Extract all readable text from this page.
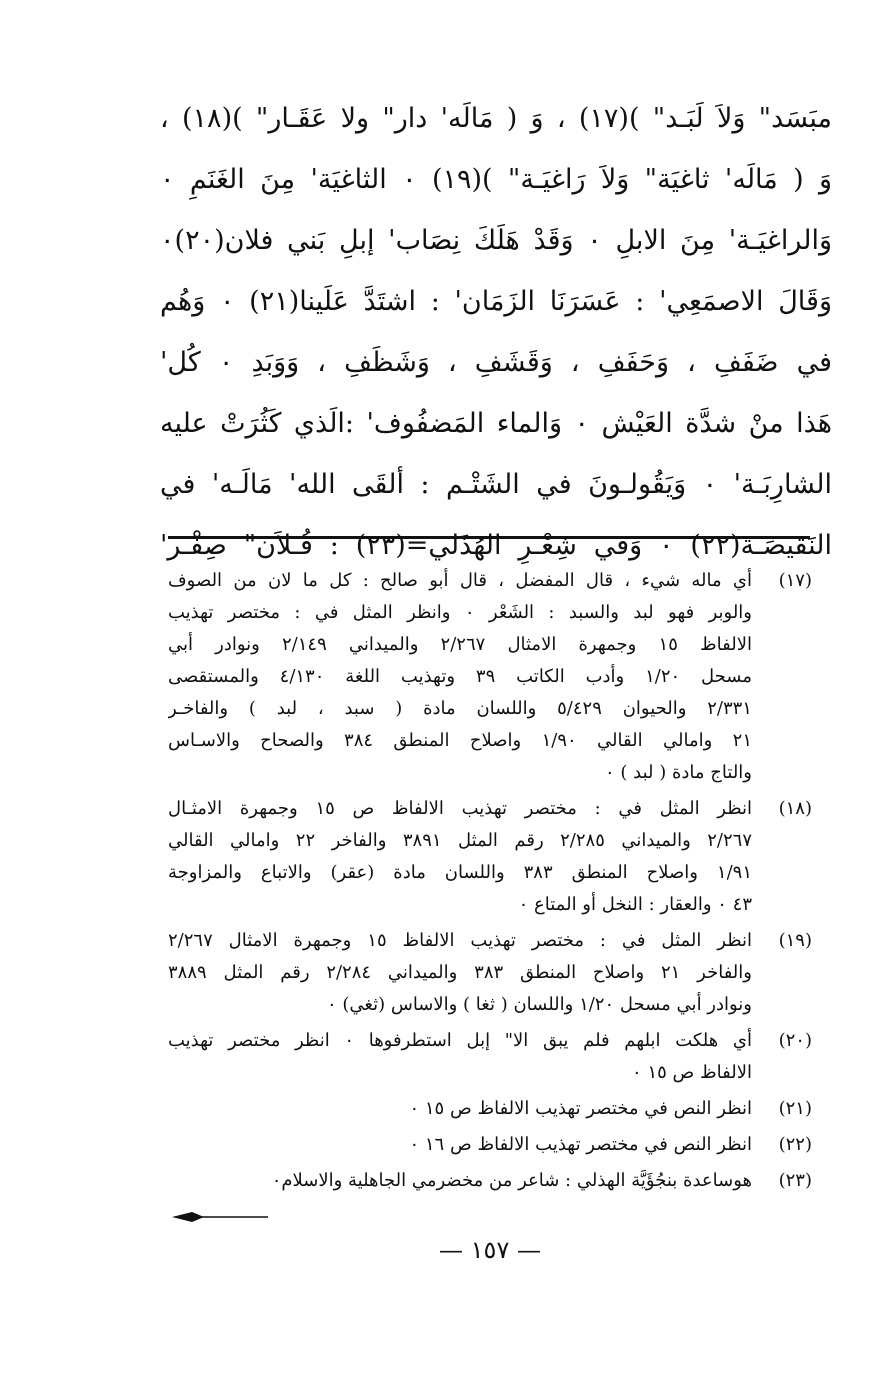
مبَسَد" وَلاَ لَبَـد" )(١٧) ، وَ ( مَالَه' دار" ولا عَقَـار" )(١٨) ،
وَ ( مَالَه' ثاغيَة" وَلاَ رَاغيَـة" )(١٩) ٠ الثاغيَة' مِنَ الغَنَمِ ٠
وَالراغيَـة' مِنَ الابلِ ٠ وَقَدْ هَلَكَ نِصَاب' إبلِ بَني فلان(٢٠)٠
وَقَالَ الاصمَعِي' : عَسَرَنَا الزَمَان' : اشتَدَّ عَلَينا(٢١) ٠ وَهُم
في ضَفَفِ ، وَحَفَفِ ، وَقَشَفِ ، وَشَظَفِ ، وَوَبَدِ ٠ كُل'
هَذا منْ شدَّة العَيْش ٠ وَالماء المَضفُوف' :الَذي كَثُرَتْ عليه
الشارِبَـة' ٠ وَيَقُولـونَ في الشَتْـم : ألقَى الله' مَالَـه' في
النَقيصَـة(٢٢) ٠ وَفي شِعْـرِ الهُذَلي=(٢٣) : فُـلاَن" صِفْـر'
(١٧)
أي ماله شيء ، قال المفضل ، قال أبو صالح : كل ما لان من الصوف
والوبر فهو لبد والسبد : الشَعْر ٠ وانظر المثل في : مختصر تهذيب
الالفاظ ١٥ وجمهرة الامثال ٢/٢٦٧ والميداني ٢/١٤٩ ونوادر أبي
مسحل ١/٢٠ وأدب الكاتب ٣٩ وتهذيب اللغة ٤/١٣٠ والمستقصى
٢/٣٣١ والحيوان ٥/٤٢٩ واللسان مادة ( سبد ، لبد ) والفاخـر
٢١ وامالي القالي ١/٩٠ واصلاح المنطق ٣٨٤ والصحاح والاسـاس
والتاج مادة ( لبد ) ٠
(١٨)
انظر المثل في : مختصر تهذيب الالفاظ ص ١٥ وجمهرة الامثـال
٢/٢٦٧ والميداني ٢/٢٨٥ رقم المثل ٣٨٩١ والفاخر ٢٢ وامالي القالي
١/٩١ واصلاح المنطق ٣٨٣ واللسان مادة (عقر) والاتباع والمزاوجة
٤٣ ٠ والعقار : النخل أو المتاع ٠
(١٩)
انظر المثل في : مختصر تهذيب الالفاظ ١٥ وجمهرة الامثال ٢/٢٦٧
والفاخر ٢١ واصلاح المنطق ٣٨٣ والميداني ٢/٢٨٤ رقم المثل ٣٨٨٩
ونوادر أبي مسحل ١/٢٠ واللسان ( ثغا ) والاساس (ثغي) ٠
(٢٠)
أي هلكت ابلهم فلم يبق الا" إبل استطرفوها ٠ انظر مختصر تهذيب
الالفاظ ص ١٥ ٠
(٢١)
انظر النص في مختصر تهذيب الالفاظ ص ١٥ ٠
(٢٢)
انظر النص في مختصر تهذيب الالفاظ ص ١٦ ٠
(٢٣)
هوساعدة بنجُؤَيَّة الهذلي : شاعر من مخضرمي الجاهلية والاسلام٠
— ١٥٧ —
